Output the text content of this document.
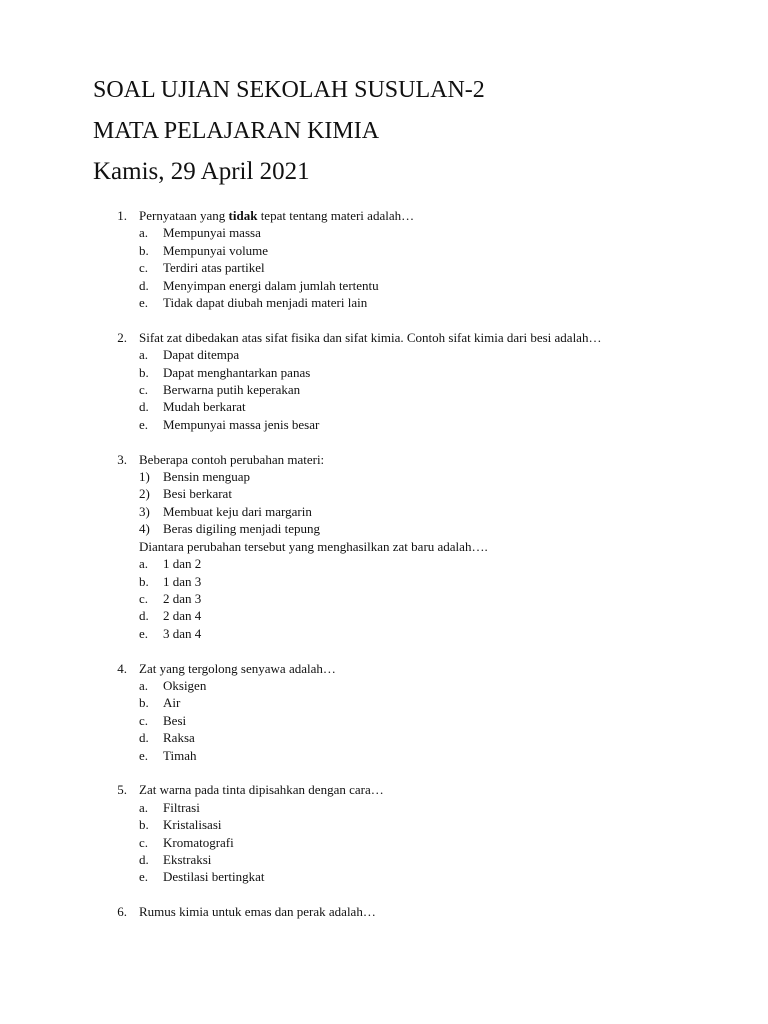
SOAL UJIAN SEKOLAH SUSULAN-2
MATA PELAJARAN KIMIA
Kamis, 29 April 2021
1. Pernyataan yang tidak tepat tentang materi adalah…
a. Mempunyai massa
b. Mempunyai volume
c. Terdiri atas partikel
d. Menyimpan energi dalam jumlah tertentu
e. Tidak dapat diubah menjadi materi lain
2. Sifat zat dibedakan atas sifat fisika dan sifat kimia. Contoh sifat kimia dari besi adalah…
a. Dapat ditempa
b. Dapat menghantarkan panas
c. Berwarna putih keperakan
d. Mudah berkarat
e. Mempunyai massa jenis besar
3. Beberapa contoh perubahan materi:
1) Bensin menguap
2) Besi berkarat
3) Membuat keju dari margarin
4) Beras digiling menjadi tepung
Diantara perubahan tersebut yang menghasilkan zat baru adalah….
a. 1 dan 2
b. 1 dan 3
c. 2 dan 3
d. 2 dan 4
e. 3 dan 4
4. Zat yang tergolong senyawa adalah…
a. Oksigen
b. Air
c. Besi
d. Raksa
e. Timah
5. Zat warna pada tinta dipisahkan dengan cara…
a. Filtrasi
b. Kristalisasi
c. Kromatografi
d. Ekstraksi
e. Destilasi bertingkat
6. Rumus kimia untuk emas dan perak adalah…
